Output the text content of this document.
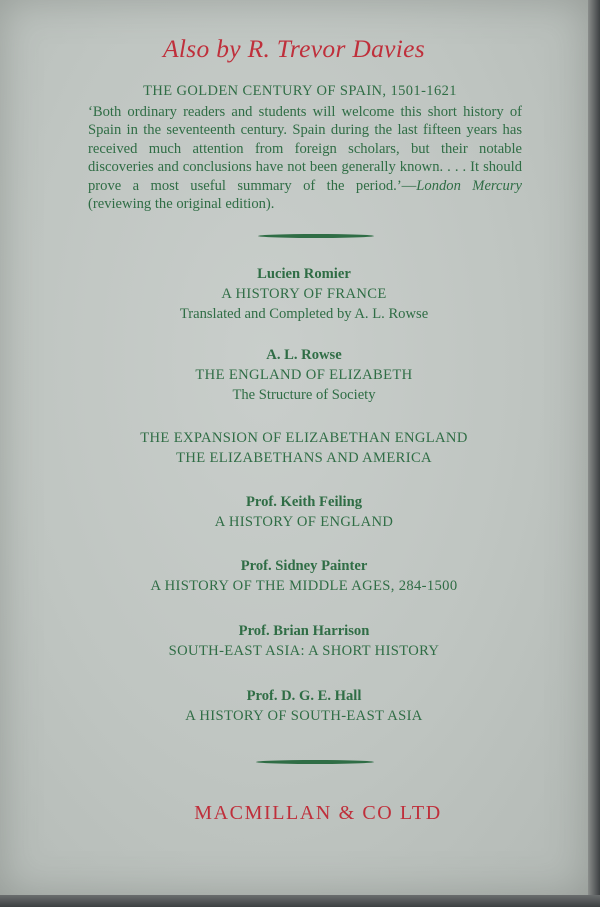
Also by R. Trevor Davies
THE GOLDEN CENTURY OF SPAIN, 1501-1621
‘Both ordinary readers and students will welcome this short history of Spain in the seventeenth century. Spain during the last fifteen years has received much attention from foreign scholars, but their notable discoveries and conclusions have not been generally known. . . . It should prove a most useful summary of the period.’—London Mercury (reviewing the original edition).
Lucien Romier
A HISTORY OF FRANCE
Translated and Completed by A. L. Rowse
A. L. Rowse
THE ENGLAND OF ELIZABETH
The Structure of Society
THE EXPANSION OF ELIZABETHAN ENGLAND
THE ELIZABETHANS AND AMERICA
Prof. Keith Feiling
A HISTORY OF ENGLAND
Prof. Sidney Painter
A HISTORY OF THE MIDDLE AGES, 284-1500
Prof. Brian Harrison
SOUTH-EAST ASIA: A SHORT HISTORY
Prof. D. G. E. Hall
A HISTORY OF SOUTH-EAST ASIA
MACMILLAN & CO LTD
